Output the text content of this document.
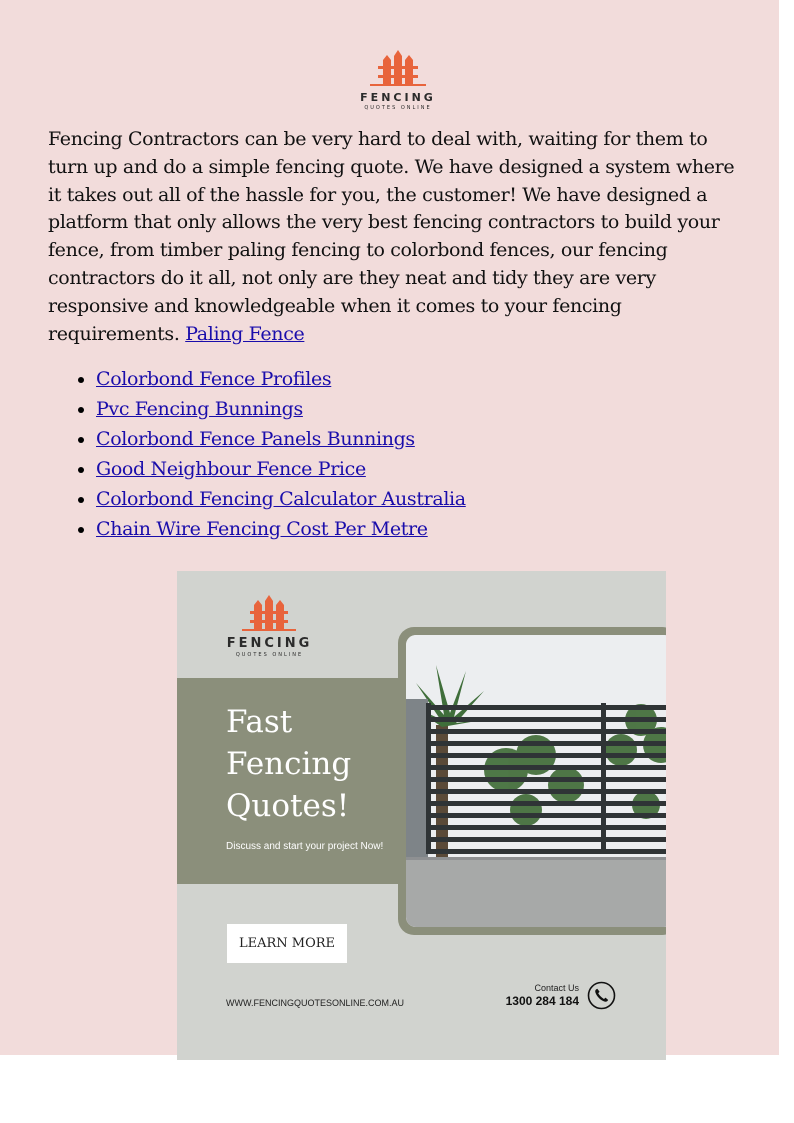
FENCING
QUOTES ONLINE

Fencing Contractors can be very hard to deal with, waiting for them to turn up and do a simple fencing quote. We have designed a system where it takes out all of the hassle for you, the customer! We have designed a platform that only allows the very best fencing contractors to build your fence, from timber paling fencing to colorbond fences, our fencing contractors do it all, not only are they neat and tidy they are very responsive and knowledgeable when it comes to your fencing requirements. Paling Fence

• Colorbond Fence Profiles
• Pvc Fencing Bunnings
• Colorbond Fence Panels Bunnings
• Good Neighbour Fence Price
• Colorbond Fencing Calculator Australia
• Chain Wire Fencing Cost Per Metre
FENCING
QUOTES ONLINE
Fast
Fencing
Quotes!
Discuss and start your project Now!
LEARN MORE
WWW.FENCINGQUOTESONLINE.COM.AU
Contact Us
1300 284 184
